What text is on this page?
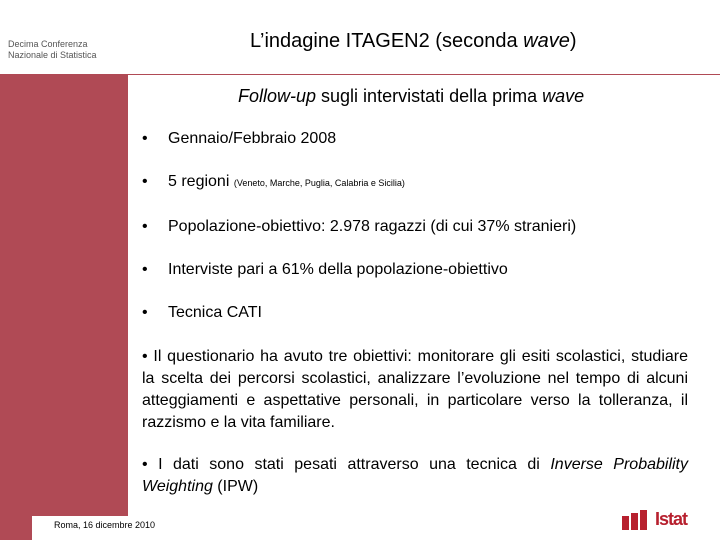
Decima Conferenza Nazionale di Statistica
L’indagine ITAGEN2 (seconda wave)
Follow-up sugli intervistati della prima wave
• Gennaio/Febbraio 2008
• 5 regioni (Veneto, Marche, Puglia, Calabria e Sicilia)
• Popolazione-obiettivo: 2.978 ragazzi (di cui 37% stranieri)
• Interviste pari a 61% della popolazione-obiettivo
• Tecnica CATI
• Il questionario ha avuto tre obiettivi: monitorare gli esiti scolastici, studiare la scelta dei percorsi scolastici, analizzare l’evoluzione nel tempo di alcuni atteggiamenti e aspettative personali, in particolare verso la tolleranza, il razzismo e la vita familiare.
• I dati sono stati pesati attraverso una tecnica di Inverse Probability Weighting (IPW)
Roma, 16 dicembre 2010	Istat
